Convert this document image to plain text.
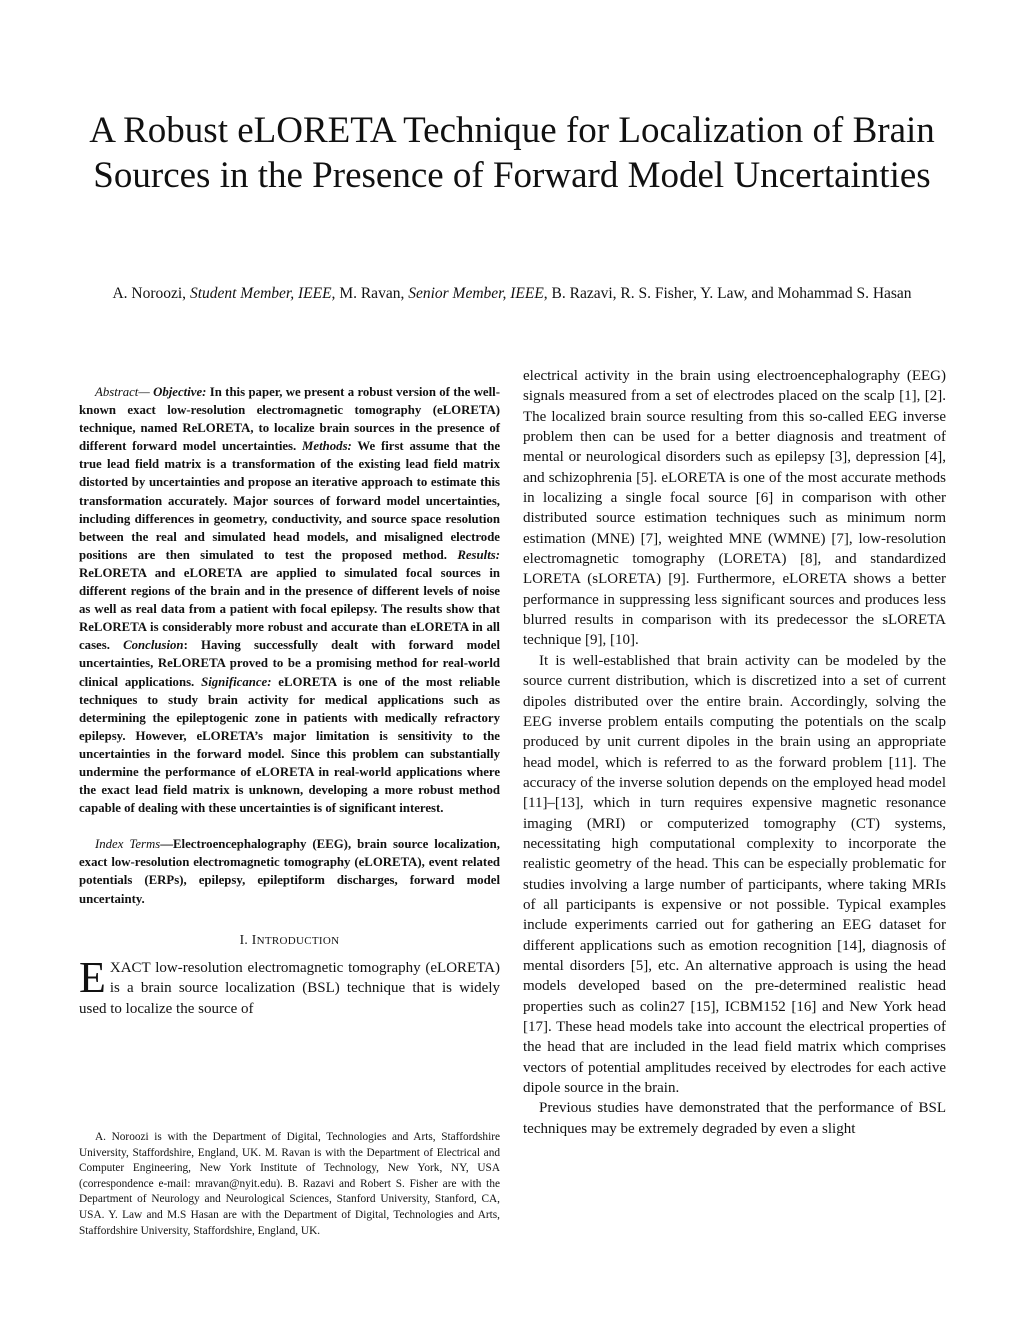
A Robust eLORETA Technique for Localization of Brain Sources in the Presence of Forward Model Uncertainties
A. Noroozi, Student Member, IEEE, M. Ravan, Senior Member, IEEE, B. Razavi, R. S. Fisher, Y. Law, and Mohammad S. Hasan

Abstract— Objective: In this paper, we present a robust version of the well-known exact low-resolution electromagnetic tomography (eLORETA) technique, named ReLORETA, to localize brain sources in the presence of different forward model uncertainties. Methods: We first assume that the true lead field matrix is a transformation of the existing lead field matrix distorted by uncertainties and propose an iterative approach to estimate this transformation accurately. Major sources of forward model uncertainties, including differences in geometry, conductivity, and source space resolution between the real and simulated head models, and misaligned electrode positions are then simulated to test the proposed method. Results: ReLORETA and eLORETA are applied to simulated focal sources in different regions of the brain and in the presence of different levels of noise as well as real data from a patient with focal epilepsy. The results show that ReLORETA is considerably more robust and accurate than eLORETA in all cases. Conclusion: Having successfully dealt with forward model uncertainties, ReLORETA proved to be a promising method for real-world clinical applications. Significance: eLORETA is one of the most reliable techniques to study brain activity for medical applications such as determining the epileptogenic zone in patients with medically refractory epilepsy. However, eLORETA’s major limitation is sensitivity to the uncertainties in the forward model. Since this problem can substantially undermine the performance of eLORETA in real-world applications where the exact lead field matrix is unknown, developing a more robust method capable of dealing with these uncertainties is of significant interest.

Index Terms—Electroencephalography (EEG), brain source localization, exact low-resolution electromagnetic tomography (eLORETA), event related potentials (ERPs), epilepsy, epileptiform discharges, forward model uncertainty.

I. INTRODUCTION

EXACT low-resolution electromagnetic tomography (eLORETA) is a brain source localization (BSL) technique that is widely used to localize the source of

A. Noroozi is with the Department of Digital, Technologies and Arts, Staffordshire University, Staffordshire, England, UK. M. Ravan is with the Department of Electrical and Computer Engineering, New York Institute of Technology, New York, NY, USA (correspondence e-mail: mravan@nyit.edu). B. Razavi and Robert S. Fisher are with the Department of Neurology and Neurological Sciences, Stanford University, Stanford, CA, USA. Y. Law and M.S Hasan are with the Department of Digital, Technologies and Arts, Staffordshire University, Staffordshire, England, UK.

electrical activity in the brain using electroencephalography (EEG) signals measured from a set of electrodes placed on the scalp [1], [2]. The localized brain source resulting from this so-called EEG inverse problem then can be used for a better diagnosis and treatment of mental or neurological disorders such as epilepsy [3], depression [4], and schizophrenia [5]. eLORETA is one of the most accurate methods in localizing a single focal source [6] in comparison with other distributed source estimation techniques such as minimum norm estimation (MNE) [7], weighted MNE (WMNE) [7], low-resolution electromagnetic tomography (LORETA) [8], and standardized LORETA (sLORETA) [9]. Furthermore, eLORETA shows a better performance in suppressing less significant sources and produces less blurred results in comparison with its predecessor the sLORETA technique [9], [10].

It is well-established that brain activity can be modeled by the source current distribution, which is discretized into a set of current dipoles distributed over the entire brain. Accordingly, solving the EEG inverse problem entails computing the potentials on the scalp produced by unit current dipoles in the brain using an appropriate head model, which is referred to as the forward problem [11]. The accuracy of the inverse solution depends on the employed head model [11]–[13], which in turn requires expensive magnetic resonance imaging (MRI) or computerized tomography (CT) systems, necessitating high computational complexity to incorporate the realistic geometry of the head. This can be especially problematic for studies involving a large number of participants, where taking MRIs of all participants is expensive or not possible. Typical examples include experiments carried out for gathering an EEG dataset for different applications such as emotion recognition [14], diagnosis of mental disorders [5], etc. An alternative approach is using the head models developed based on the pre-determined realistic head properties such as colin27 [15], ICBM152 [16] and New York head [17]. These head models take into account the electrical properties of the head that are included in the lead field matrix which comprises vectors of potential amplitudes received by electrodes for each active dipole source in the brain.

Previous studies have demonstrated that the performance of BSL techniques may be extremely degraded by even a slight
